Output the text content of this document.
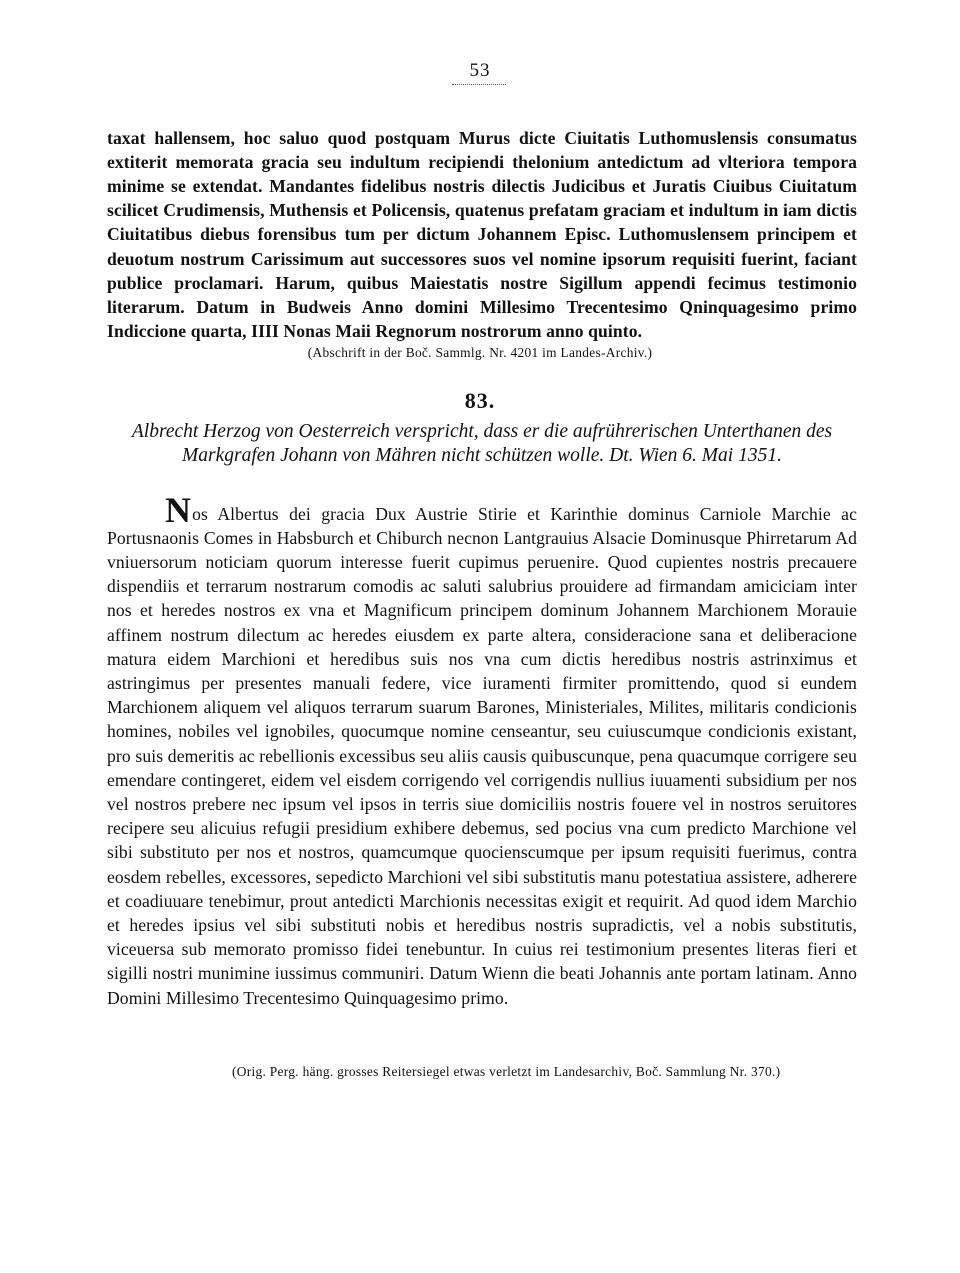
53

taxat hallensem, hoc saluo quod postquam Murus dicte Ciuitatis Luthomuslensis consumatus extiterit memorata gracia seu indultum recipiendi thelonium antedictum ad vlteriora tempora minime se extendat. Mandantes fidelibus nostris dilectis Judicibus et Juratis Ciuibus Ciuitatum scilicet Crudimensis, Muthensis et Policensis, quatenus prefatam graciam et indultum in iam dictis Ciuitatibus diebus forensibus tum per dictum Johannem Episc. Luthomuslensem principem et deuotum nostrum Carissimum aut successores suos vel nomine ipsorum requisiti fuerint, faciant publice proclamari. Harum, quibus Maiestatis nostre Sigillum appendi fecimus testimonio literarum. Datum in Budweis Anno domini Millesimo Trecentesimo Qninquagesimo primo Indiccione quarta, IIII Nonas Maii Regnorum nostrorum anno quinto.

(Abschrift in der Boč. Sammlg. Nr. 4201 im Landes-Archiv.)
83.
Albrecht Herzog von Oesterreich verspricht, dass er die aufrührerischen Unterthanen des Markgrafen Johann von Mähren nicht schützen wolle. Dt. Wien 6. Mai 1351.

Nos Albertus dei gracia Dux Austrie Stirie et Karinthie dominus Carniole Marchie ac Portusnaonis Comes in Habsburch et Chiburch necnon Lantgrauius Alsacie Dominusque Phirretarum Ad vniuersorum noticiam quorum interesse fuerit cupimus peruenire. Quod cupientes nostris precauere dispendiis et terrarum nostrarum comodis ac saluti salubrius prouidere ad firmandam amiciciam inter nos et heredes nostros ex vna et Magnificum principem dominum Johannem Marchionem Morauie affinem nostrum dilectum ac heredes eiusdem ex parte altera, consideracione sana et deliberacione matura eidem Marchioni et heredibus suis nos vna cum dictis heredibus nostris astrinximus et astringimus per presentes manuali federe, vice iuramenti firmiter promittendo, quod si eundem Marchionem aliquem vel aliquos terrarum suarum Barones, Ministeriales, Milites, militaris condicionis homines, nobiles vel ignobiles, quocumque nomine censeantur, seu cuiuscumque condicionis existant, pro suis demeritis ac rebellionis excessibus seu aliis causis quibuscunque, pena quacumque corrigere seu emendare contingeret, eidem vel eisdem corrigendo vel corrigendis nullius iuuamenti subsidium per nos vel nostros prebere nec ipsum vel ipsos in terris siue domiciliis nostris fouere vel in nostros seruitores recipere seu alicuius refugii presidium exhibere debemus, sed pocius vna cum predicto Marchione vel sibi substituto per nos et nostros, quamcumque quocienscumque per ipsum requisiti fuerimus, contra eosdem rebelles, excessores, sepedicto Marchioni vel sibi substitutis manu potestatiua assistere, adherere et coadiuuare tenebimur, prout antedicti Marchionis necessitas exigit et requirit. Ad quod idem Marchio et heredes ipsius vel sibi substituti nobis et heredibus nostris supradictis, vel a nobis substitutis, viceuersa sub memorato promisso fidei tenebuntur. In cuius rei testimonium presentes literas fieri et sigilli nostri munimine iussimus communiri. Datum Wienn die beati Johannis ante portam latinam. Anno Domini Millesimo Trecentesimo Quinquagesimo primo.

(Orig. Perg. häng. grosses Reitersiegel etwas verletzt im Landesarchiv, Boč. Sammlung Nr. 370.)
